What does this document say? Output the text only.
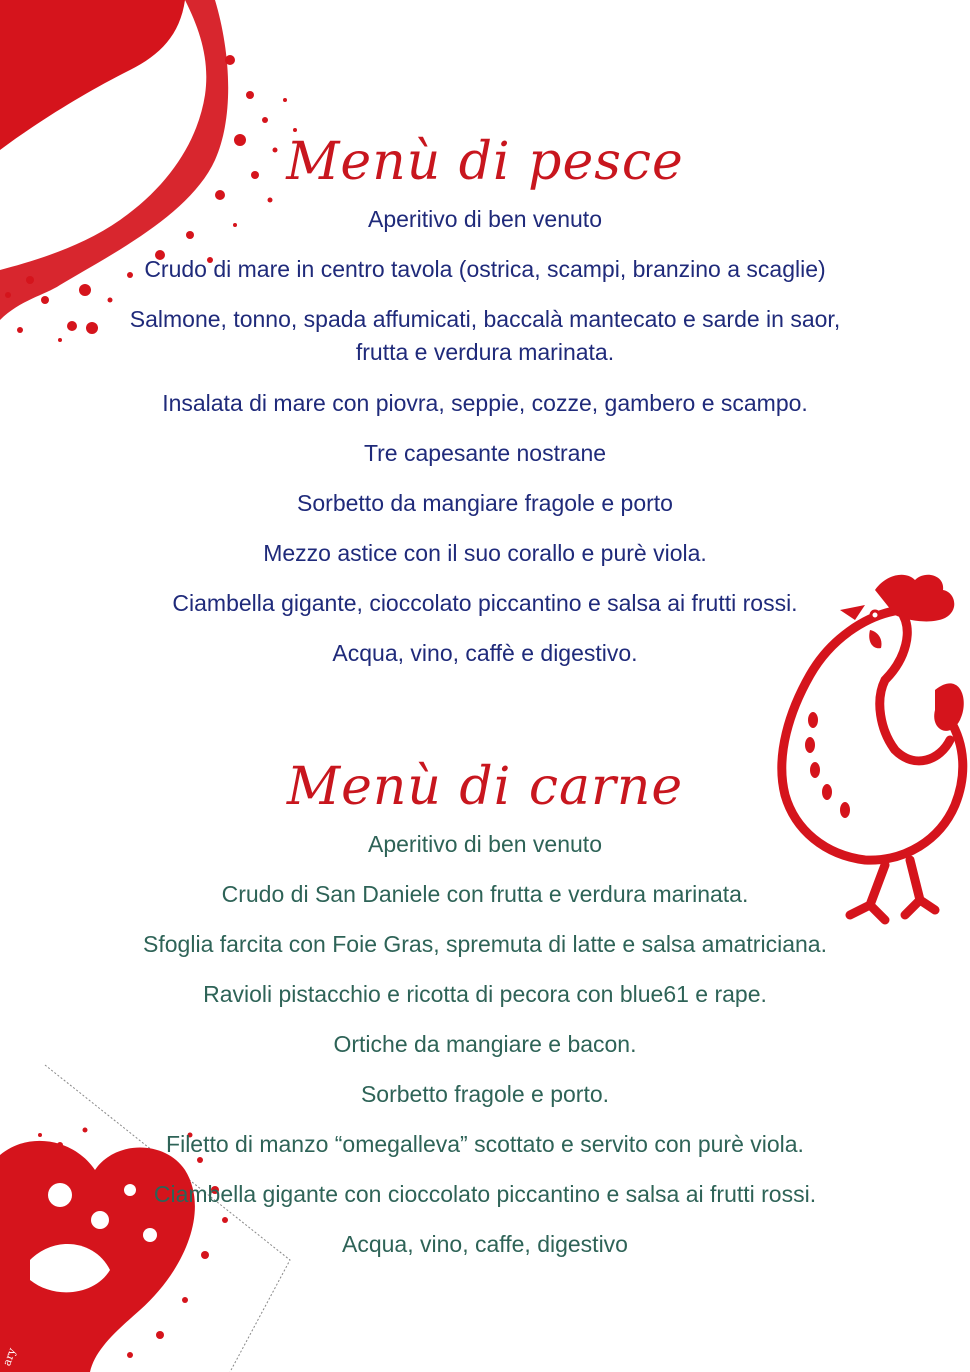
ary
Menù di pesce
Aperitivo di ben venuto
Crudo di mare in centro tavola (ostrica, scampi, branzino a scaglie)
Salmone, tonno, spada affumicati, baccalà mantecato e sarde in saor,
frutta e verdura marinata.
Insalata di mare con piovra, seppie, cozze, gambero e scampo.
Tre capesante nostrane
Sorbetto da mangiare fragole e porto
Mezzo astice con il suo corallo e purè viola.
Ciambella gigante, cioccolato piccantino e salsa ai frutti rossi.
Acqua, vino, caffè e digestivo.
Menù di carne
Aperitivo di ben venuto
Crudo di San Daniele con frutta e verdura marinata.
Sfoglia farcita con Foie Gras, spremuta di latte e salsa amatriciana.
Ravioli pistacchio e ricotta di pecora con blue61 e rape.
Ortiche da mangiare e bacon.
Sorbetto fragole e porto.
Filetto di manzo “omegalleva” scottato e servito con purè viola.
Ciambella gigante con cioccolato piccantino e salsa ai frutti rossi.
Acqua, vino, caffe, digestivo
